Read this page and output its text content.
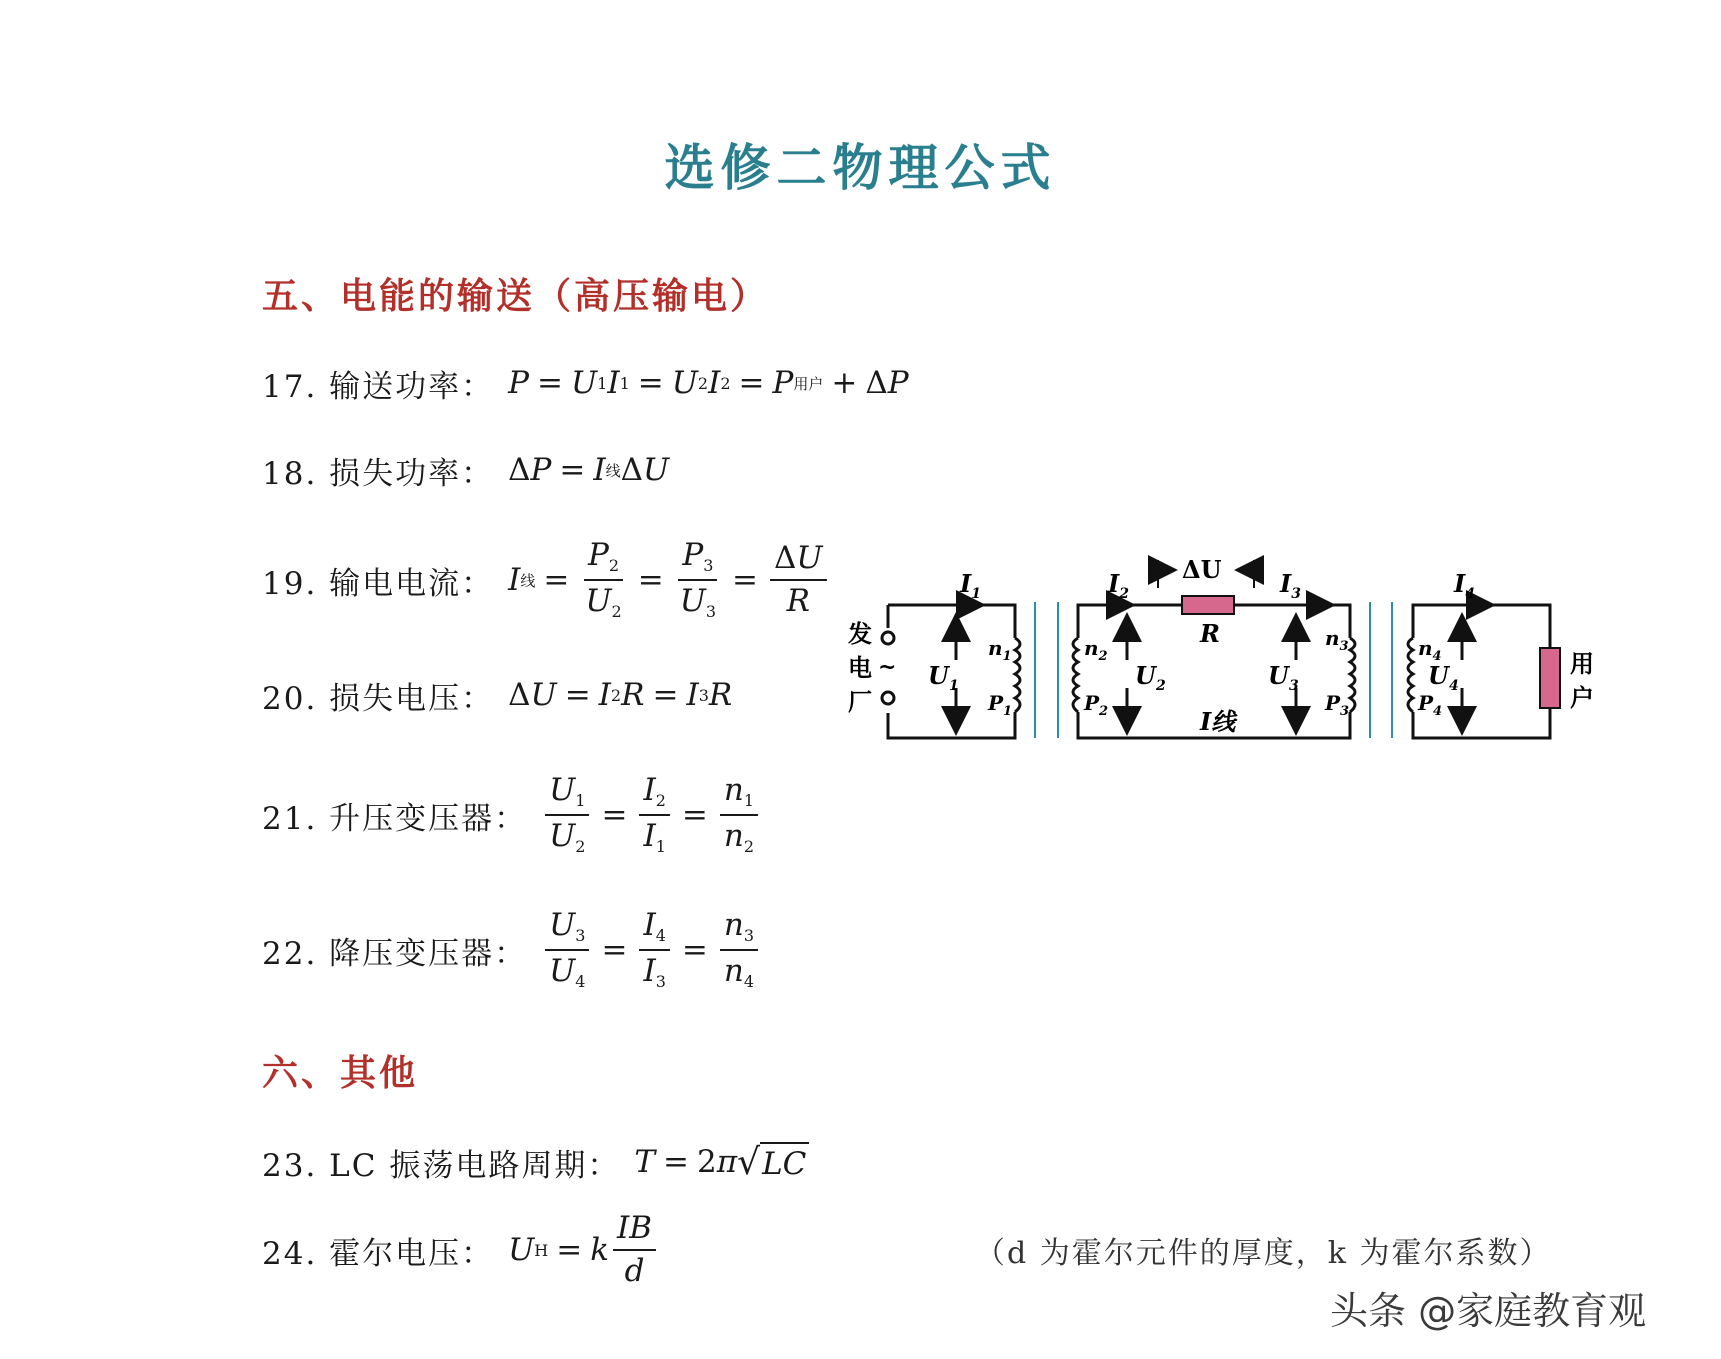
选修二物理公式
五、电能的输送（高压输电）
17. 输送功率： P = U 1 I 1 = U 2 I 2 = P 用户 + Δ P
18. 损失功率： Δ P = I 线 Δ U
19. 输电电流： I 线 = $\frac{P_2}{U_2} = \frac{P_3}{U_3} = \frac{\Delta U}{R}$
20. 损失电压： Δ U = I 2 R = I 3 R
21. 升压变压器： $\frac{U_1}{U_2} = \frac{I_2}{I_1} = \frac{n_1}{n_2}$
22. 降压变压器： $\frac{U_3}{U_4} = \frac{I_4}{I_3} = \frac{n_3}{n_4}$
六、其他
23. LC 振荡电路周期： T = 2 π √ LC
24. 霍尔电压： U H = k $\frac{IB}{d}$	（d 为霍尔元件的厚度，k 为霍尔系数）
~
发
电
厂
ΔU
R
用
户
$I_1$	$I_2$	$I_3$	$I_4$
$U_1$	$U_2$	$U_3$	$U_4$
$n_1$
$P_1$
$n_2$
$P_2$
$n_3$
$P_3$
$n_4$
$P_4$
I线
头条 @家庭教育观
